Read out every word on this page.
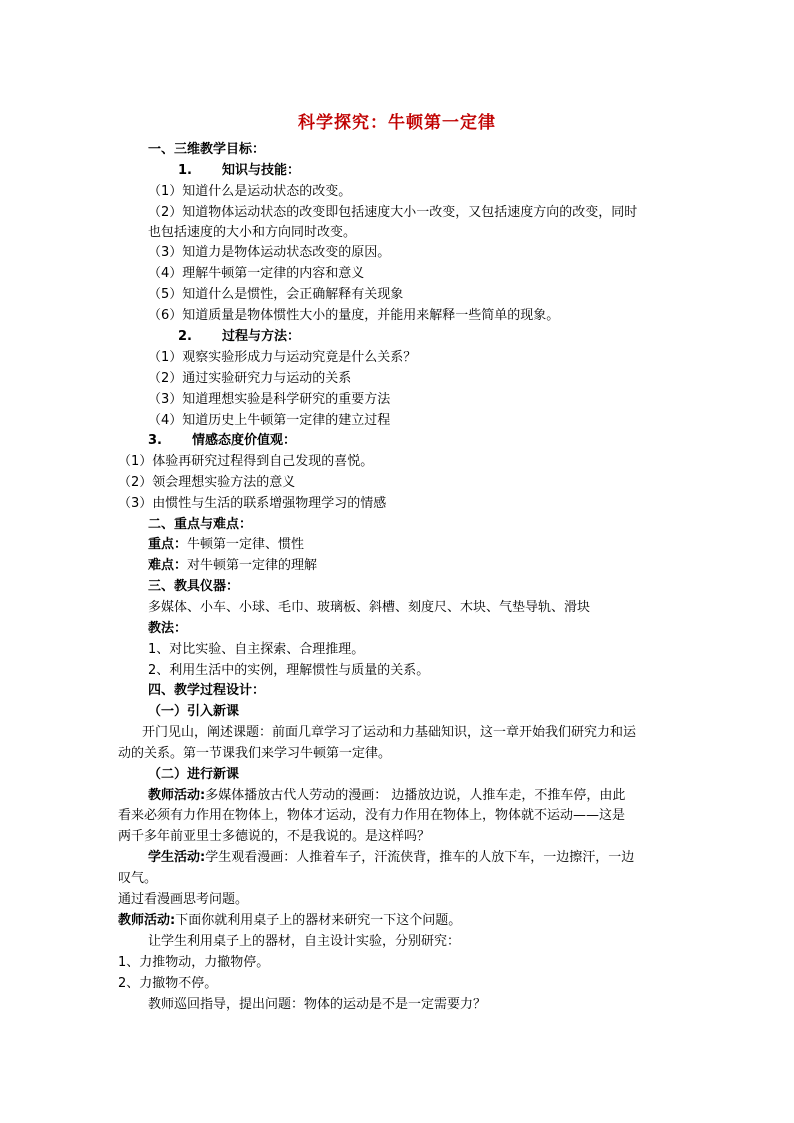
科学探究：牛顿第一定律
一、三维教学目标：
1. 知识与技能：
（1）知道什么是运动状态的改变。
（2）知道物体运动状态的改变即包括速度大小一改变，又包括速度方向的改变，同时
也包括速度的大小和方向同时改变。
（3）知道力是物体运动状态改变的原因。
（4）理解牛顿第一定律的内容和意义
（5）知道什么是惯性，会正确解释有关现象
（6）知道质量是物体惯性大小的量度，并能用来解释一些简单的现象。
2. 过程与方法：
（1）观察实验形成力与运动究竟是什么关系？
（2）通过实验研究力与运动的关系
（3）知道理想实验是科学研究的重要方法
（4）知道历史上牛顿第一定律的建立过程
3. 情感态度价值观：
（1）体验再研究过程得到自己发现的喜悦。
（2）领会理想实验方法的意义
（3）由惯性与生活的联系增强物理学习的情感
二、重点与难点：
重点：牛顿第一定律、惯性
难点：对牛顿第一定律的理解
三、教具仪器：
多媒体、小车、小球、毛巾、玻璃板、斜槽、刻度尺、木块、气垫导轨、滑块
教法：
1、对比实验、自主探索、合理推理。
2、利用生活中的实例，理解惯性与质量的关系。
四、教学过程设计：
（一）引入新课
开门见山，阐述课题：前面几章学习了运动和力基础知识，这一章开始我们研究力和运
动的关系。第一节课我们来学习牛顿第一定律。
（二）进行新课
教师活动:多媒体播放古代人劳动的漫画： 边播放边说，人推车走，不推车停，由此
看来必须有力作用在物体上，物体才运动，没有力作用在物体上，物体就不运动——这是
两千多年前亚里士多德说的，不是我说的。是这样吗？
学生活动:学生观看漫画：人推着车子，汗流侠背，推车的人放下车，一边擦汗，一边
叹气。
通过看漫画思考问题。
教师活动:下面你就利用桌子上的器材来研究一下这个问题。
让学生利用桌子上的器材，自主设计实验，分别研究：
1、力推物动，力撤物停。
2、力撤物不停。
教师巡回指导，提出问题：物体的运动是不是一定需要力？
